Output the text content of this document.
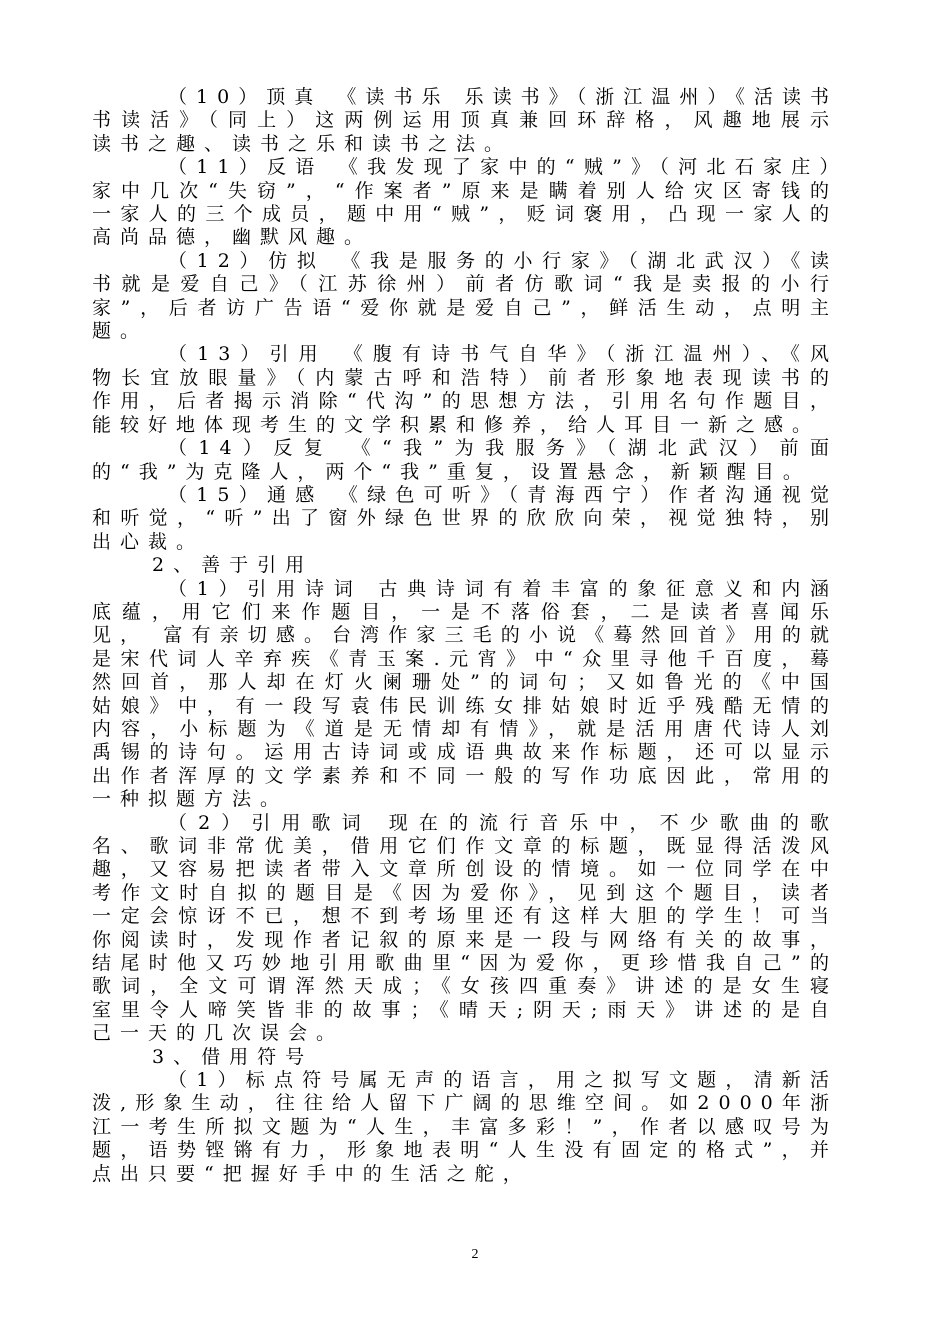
（10）顶真 《读书乐 乐读书》（浙江温州）《活读书 书读活》（同上）这两例运用顶真兼回环辞格，风趣地展示读书之趣、读书之乐和读书之法。

（11）反语 《我发现了家中的“贼”》（河北石家庄）家中几次“失窃”，“作案者”原来是瞒着别人给灾区寄钱的一家人的三个成员，题中用“贼”，贬词褒用，凸现一家人的高尚品德，幽默风趣。

（12）仿拟 《我是服务的小行家》（湖北武汉）《读书就是爱自己》（江苏徐州）前者仿歌词“我是卖报的小行家”，后者访广告语“爱你就是爱自己”，鲜活生动，点明主题。

（13）引用 《腹有诗书气自华》（浙江温州）、《风物长宜放眼量》（内蒙古呼和浩特）前者形象地表现读书的作用，后者揭示消除“代沟”的思想方法，引用名句作题目，能较好地体现考生的文学积累和修养，给人耳目一新之感。

（14）反复 《“我”为我服务》（湖北武汉）前面的“我”为克隆人，两个“我”重复，设置悬念，新颖醒目。

（15）通感 《绿色可听》（青海西宁）作者沟通视觉和听觉，“听”出了窗外绿色世界的欣欣向荣，视觉独特，别出心裁。

2、善于引用

（1）引用诗词 古典诗词有着丰富的象征意义和内涵底蕴，用它们来作题目，一是不落俗套，二是读者喜闻乐见， 富有亲切感。台湾作家三毛的小说《蓦然回首》用的就是宋代词人辛弃疾《青玉案.元宵》中“众里寻他千百度，蓦然回首，那人却在灯火阑珊处”的词句；又如鲁光的《中国姑娘》中，有一段写袁伟民训练女排姑娘时近乎残酷无情的内容，小标题为《道是无情却有情》，就是活用唐代诗人刘禹锡的诗句。运用古诗词或成语典故来作标题，还可以显示出作者浑厚的文学素养和不同一般的写作功底因此，常用的一种拟题方法。

（2）引用歌词 现在的流行音乐中，不少歌曲的歌名、歌词非常优美，借用它们作文章的标题，既显得活泼风趣，又容易把读者带入文章所创设的情境。如一位同学在中考作文时自拟的题目是《因为爱你》，见到这个题目，读者一定会惊讶不已，想不到考场里还有这样大胆的学生！可当你阅读时，发现作者记叙的原来是一段与网络有关的故事，结尾时他又巧妙地引用歌曲里“因为爱你，更珍惜我自己”的歌词，全文可谓浑然天成；《女孩四重奏》讲述的是女生寝室里令人啼笑皆非的故事；《晴天;阴天;雨天》讲述的是自己一天的几次误会。

3、借用符号

（1）标点符号属无声的语言，用之拟写文题，清新活泼,形象生动，往往给人留下广阔的思维空间。如2000年浙江一考生所拟文题为“人生，丰富多彩！”，作者以感叹号为题，语势铿锵有力，形象地表明“人生没有固定的格式”，并点出只要“把握好手中的生活之舵，

2
